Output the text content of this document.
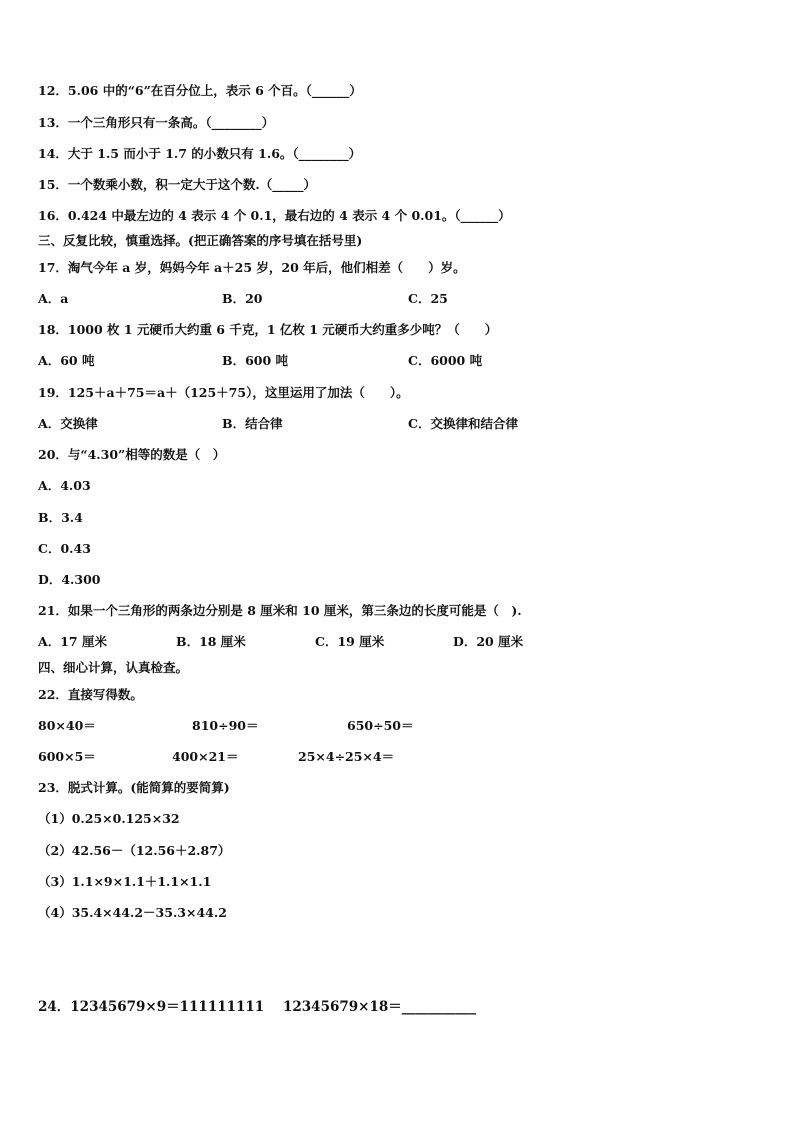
12．5.06 中的“6”在百分位上，表示 6 个百。（______）
13．一个三角形只有一条高。（________）
14．大于 1.5 而小于 1.7 的小数只有 1.6。（________）
15．一个数乘小数，积一定大于这个数.（_____）
16．0.424 中最左边的 4 表示 4 个 0.1，最右边的 4 表示 4 个 0.01。（______）
三、反复比较，慎重选择。(把正确答案的序号填在括号里)
17．淘气今年 a 岁，妈妈今年 a＋25 岁，20 年后，他们相差（　　）岁。
A．a	B．20	C．25
18．1000 枚 1 元硬币大约重 6 千克，1 亿枚 1 元硬币大约重多少吨？（　　）
A．60 吨	B．600 吨	C．6000 吨
19．125＋a＋75＝a＋（125＋75），这里运用了加法（　　）。
A．交换律	B．结合律	C．交换律和结合律
20．与“4.30”相等的数是（　）
A．4.03
B．3.4
C．0.43
D．4.300
21．如果一个三角形的两条边分别是 8 厘米和 10 厘米，第三条边的长度可能是（　).
A．17 厘米	B．18 厘米	C．19 厘米	D．20 厘米
四、细心计算，认真检查。
22．直接写得数。
80×40＝	810÷90＝	650÷50＝
600×5＝	400×21＝	25×4÷25×4＝
23．脱式计算。(能简算的要简算)
（1）0.25×0.125×32
（2）42.56－（12.56＋2.87）
（3）1.1×9×1.1＋1.1×1.1
（4）35.4×44.2－35.3×44.2
24．12345679×9＝111111111 12345679×18＝___________
